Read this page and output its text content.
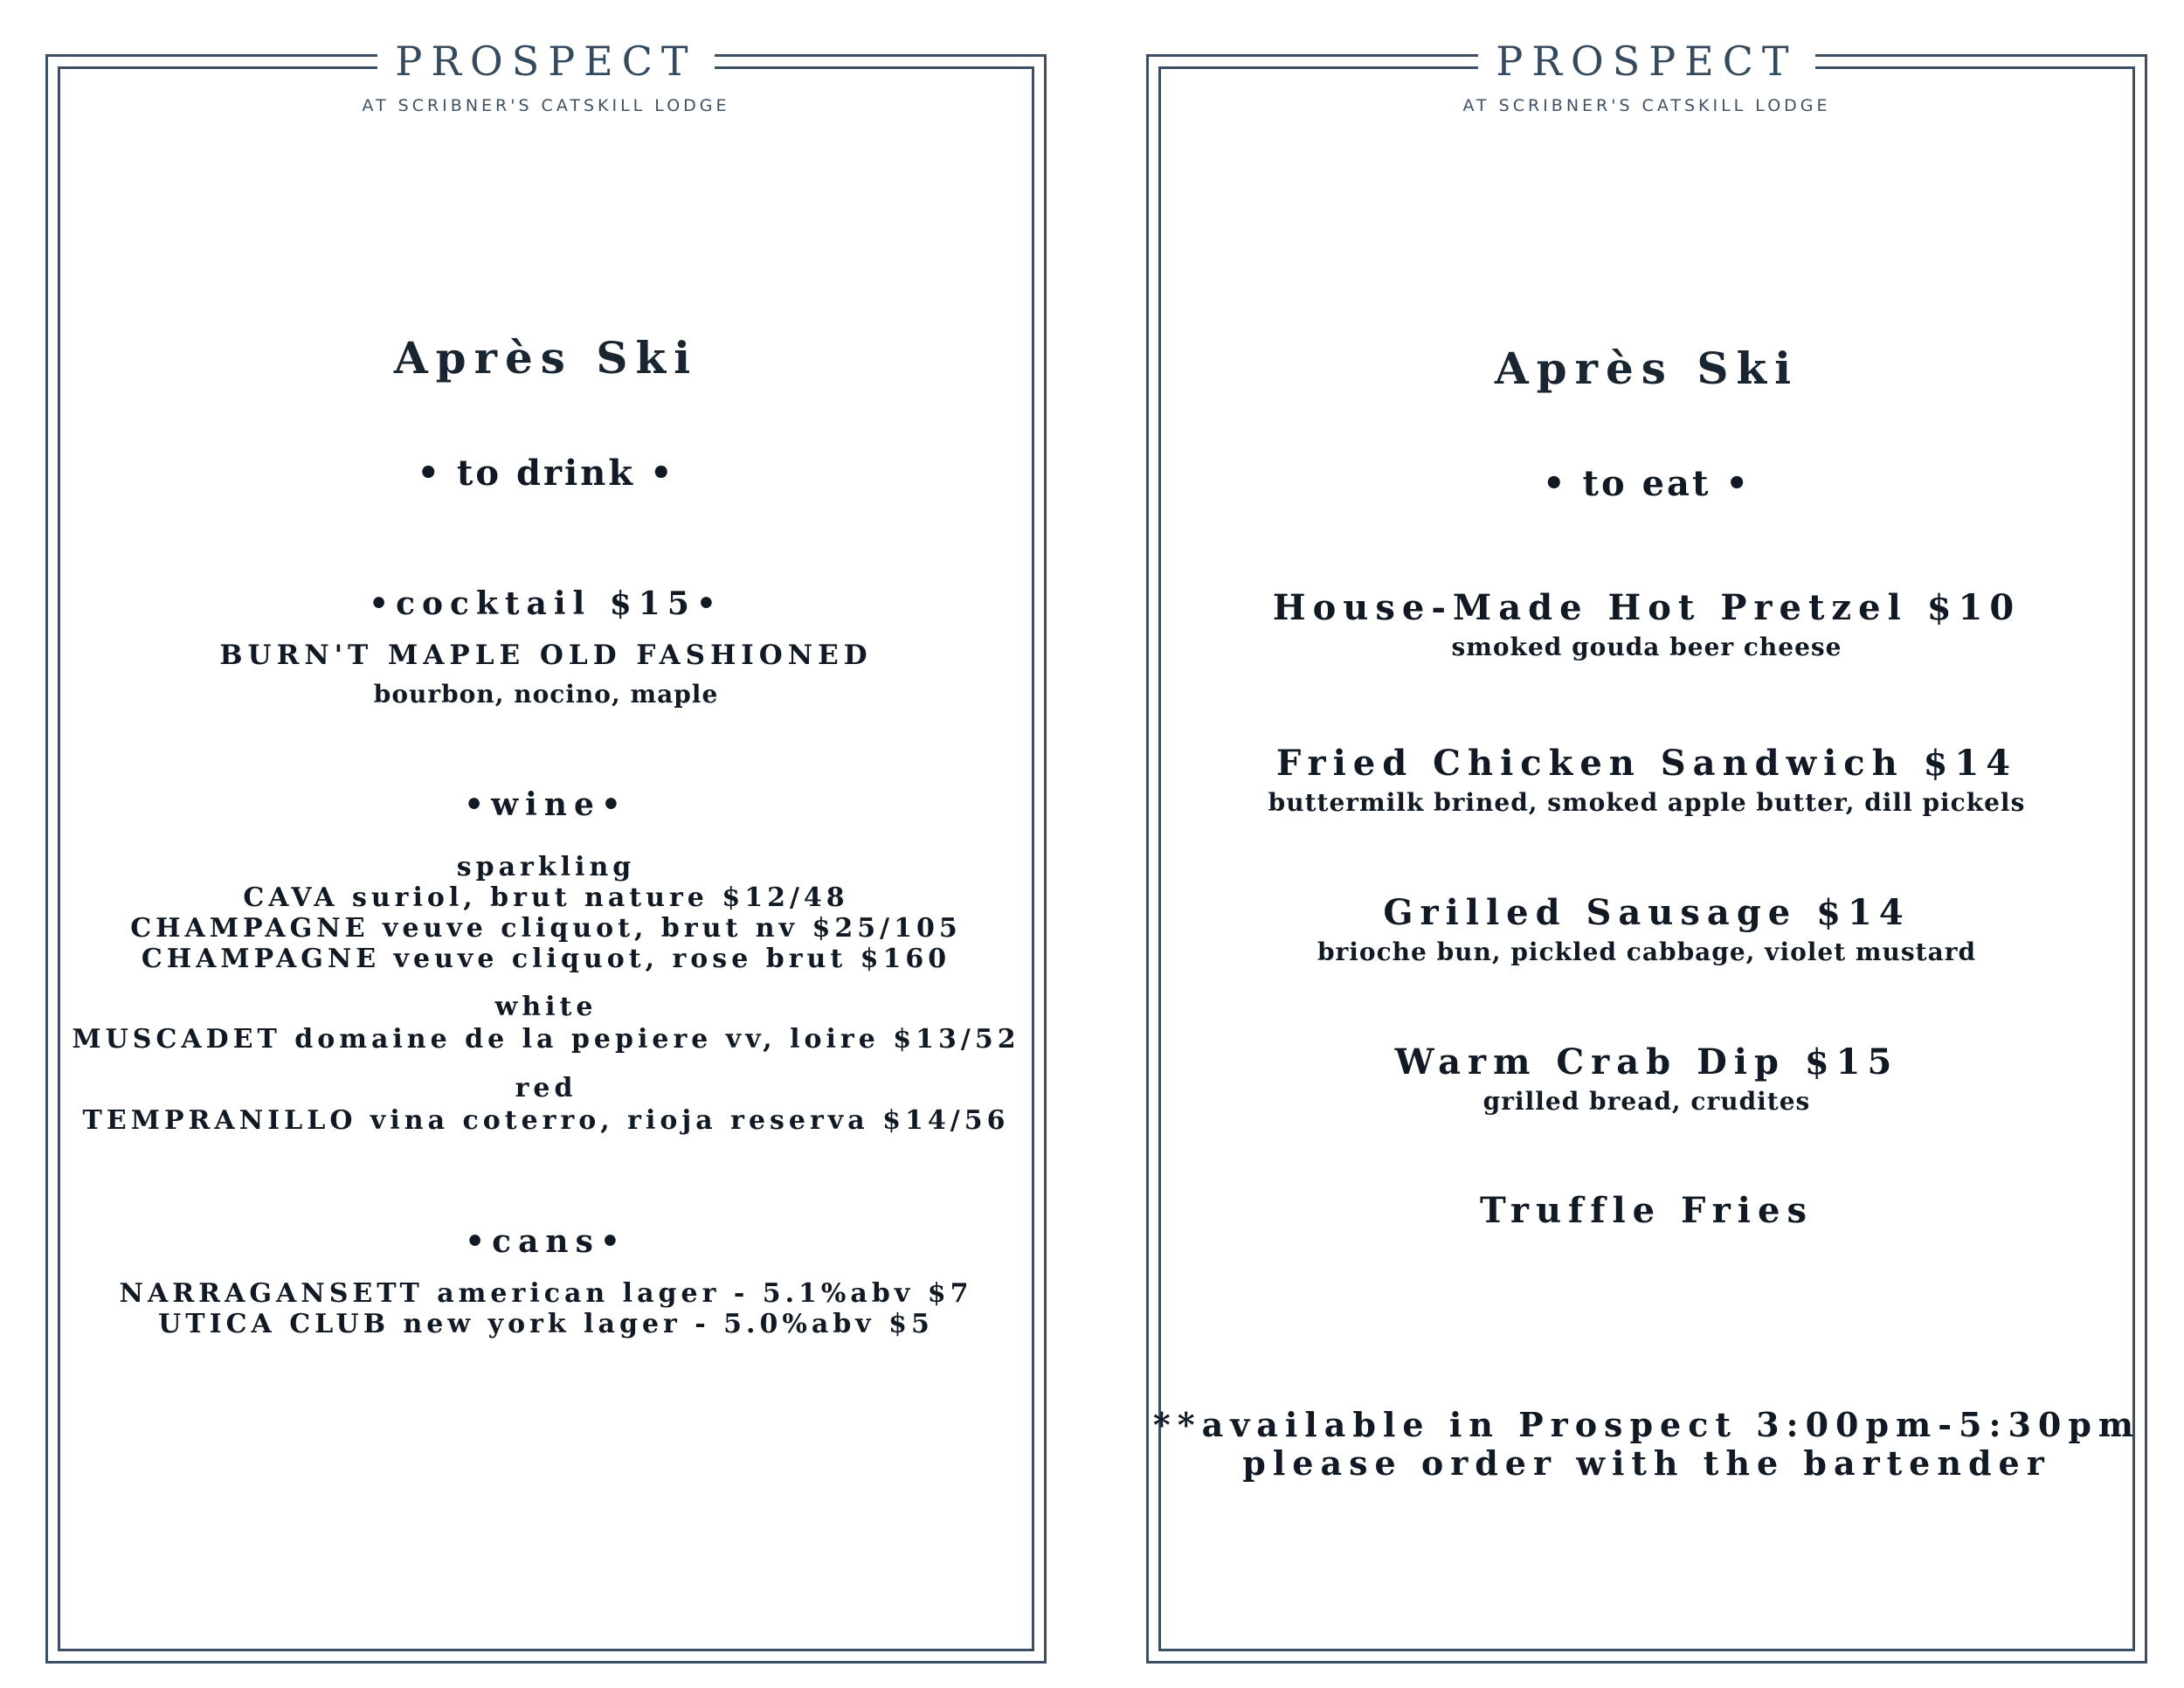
PROSPECT
AT SCRIBNER'S CATSKILL LODGE
Après Ski
• to drink •
•cocktail $15•
BURN'T MAPLE OLD FASHIONED
bourbon, nocino, maple
•wine•
sparkling
CAVA suriol, brut nature $12/48
CHAMPAGNE veuve cliquot, brut nv $25/105
CHAMPAGNE veuve cliquot, rose brut $160
white
MUSCADET domaine de la pepiere vv, loire $13/52
red
TEMPRANILLO vina coterro, rioja reserva $14/56
•cans•
NARRAGANSETT american lager - 5.1%abv $7
UTICA CLUB new york lager - 5.0%abv $5
PROSPECT
AT SCRIBNER'S CATSKILL LODGE
Après Ski
• to eat •
House-Made Hot Pretzel $10
smoked gouda beer cheese
Fried Chicken Sandwich $14
buttermilk brined, smoked apple butter, dill pickels
Grilled Sausage $14
brioche bun, pickled cabbage, violet mustard
Warm Crab Dip $15
grilled bread, crudites
Truffle Fries
**available in Prospect 3:00pm-5:30pm
please order with the bartender
